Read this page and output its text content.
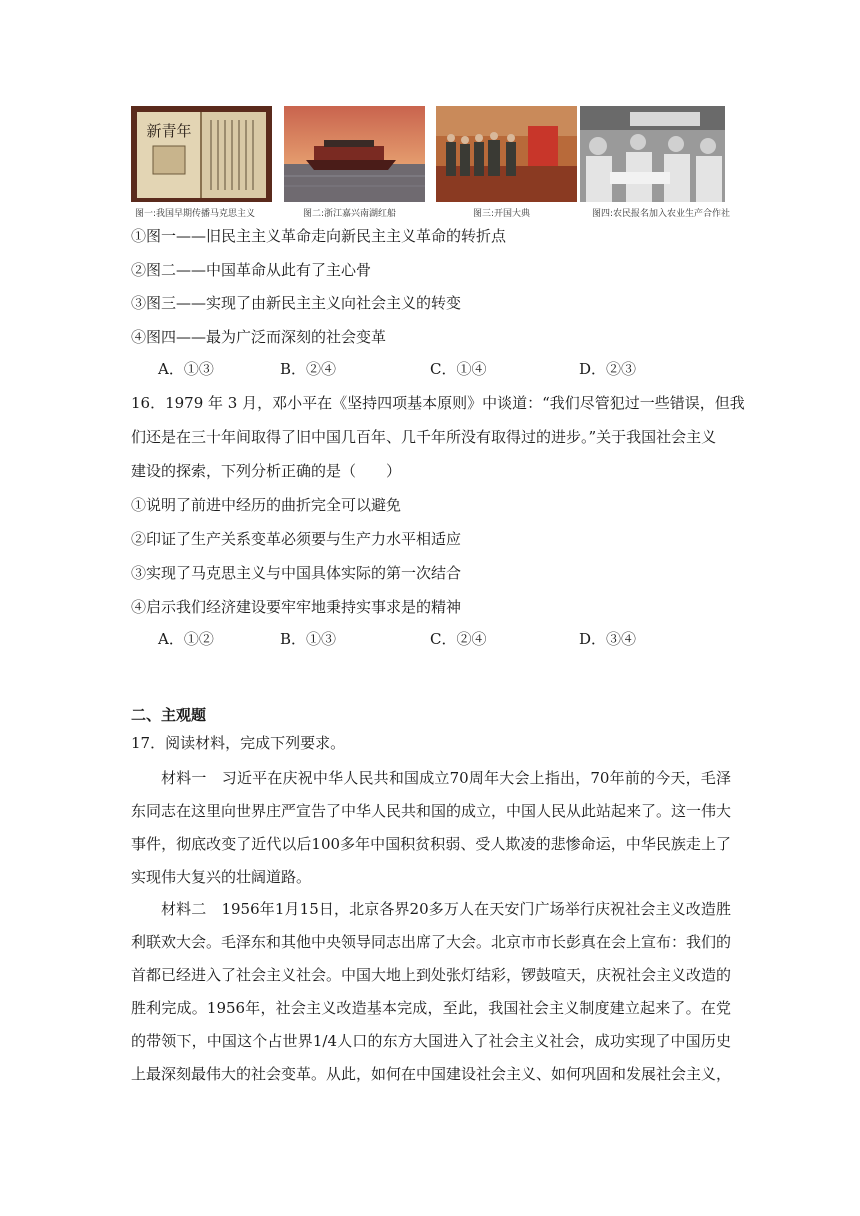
新青年
图一:我国早期传播马克思主义	图二:浙江嘉兴南湖红船	图三:开国大典	图四:农民报名加入农业生产合作社
①图一——旧民主主义革命走向新民主主义革命的转折点
②图二——中国革命从此有了主心骨
③图三——实现了由新民主主义向社会主义的转变
④图四——最为广泛而深刻的社会变革
A．①③	B．②④	C．①④	D．②③
16．1979 年 3 月，邓小平在《坚持四项基本原则》中谈道：“我们尽管犯过一些错误，但我
们还是在三十年间取得了旧中国几百年、几千年所没有取得过的进步。”关于我国社会主义
建设的探索，下列分析正确的是（　　）
①说明了前进中经历的曲折完全可以避免
②印证了生产关系变革必须要与生产力水平相适应
③实现了马克思主义与中国具体实际的第一次结合
④启示我们经济建设要牢牢地秉持实事求是的精神
A．①②	B．①③	C．②④	D．③④
二、主观题
17．阅读材料，完成下列要求。
材料一　习近平在庆祝中华人民共和国成立70周年大会上指出，70年前的今天，毛泽东同志在这里向世界庄严宣告了中华人民共和国的成立，中国人民从此站起来了。这一伟大事件，彻底改变了近代以后100多年中国积贫积弱、受人欺凌的悲惨命运，中华民族走上了实现伟大复兴的壮阔道路。
材料二　1956年1月15日，北京各界20多万人在天安门广场举行庆祝社会主义改造胜利联欢大会。毛泽东和其他中央领导同志出席了大会。北京市市长彭真在会上宣布：我们的首都已经进入了社会主义社会。中国大地上到处张灯结彩，锣鼓喧天，庆祝社会主义改造的胜利完成。1956年，社会主义改造基本完成，至此，我国社会主义制度建立起来了。在党的带领下，中国这个占世界1/4人口的东方大国进入了社会主义社会，成功实现了中国历史上最深刻最伟大的社会变革。从此，如何在中国建设社会主义、如何巩固和发展社会主义，
